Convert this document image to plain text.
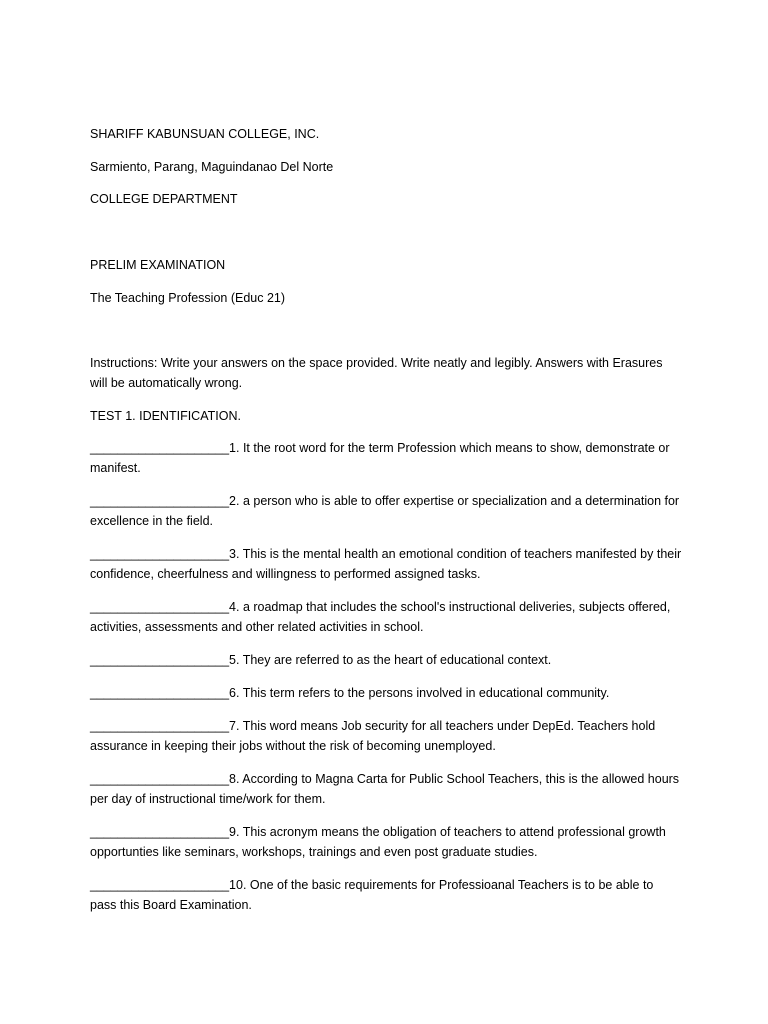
SHARIFF KABUNSUAN COLLEGE, INC.

Sarmiento, Parang, Maguindanao Del Norte

COLLEGE DEPARTMENT

PRELIM EXAMINATION

The Teaching Profession (Educ 21)

Instructions: Write your answers on the space provided. Write neatly and legibly. Answers with Erasures will be automatically wrong.

TEST 1. IDENTIFICATION.

____________________1. It the root word for the term Profession which means to show, demonstrate or manifest.

____________________2. a person who is able to offer expertise or specialization and a determination for excellence in the field.

____________________3. This is the mental health an emotional condition of teachers manifested by their confidence, cheerfulness and willingness to performed assigned tasks.

____________________4. a roadmap that includes the school's instructional deliveries, subjects offered, activities, assessments and other related activities in school.

____________________5. They are referred to as the heart of educational context.

____________________6. This term refers to the persons involved in educational community.

____________________7. This word means Job security for all teachers under DepEd. Teachers hold assurance in keeping their jobs without the risk of becoming unemployed.

____________________8. According to Magna Carta for Public School Teachers, this is the allowed hours per day of instructional time/work for them.

____________________9. This acronym means the obligation of teachers to attend professional growth opportunties like seminars, workshops, trainings and even post graduate studies.

____________________10. One of the basic requirements for Professioanal Teachers is to be able to pass this Board Examination.
